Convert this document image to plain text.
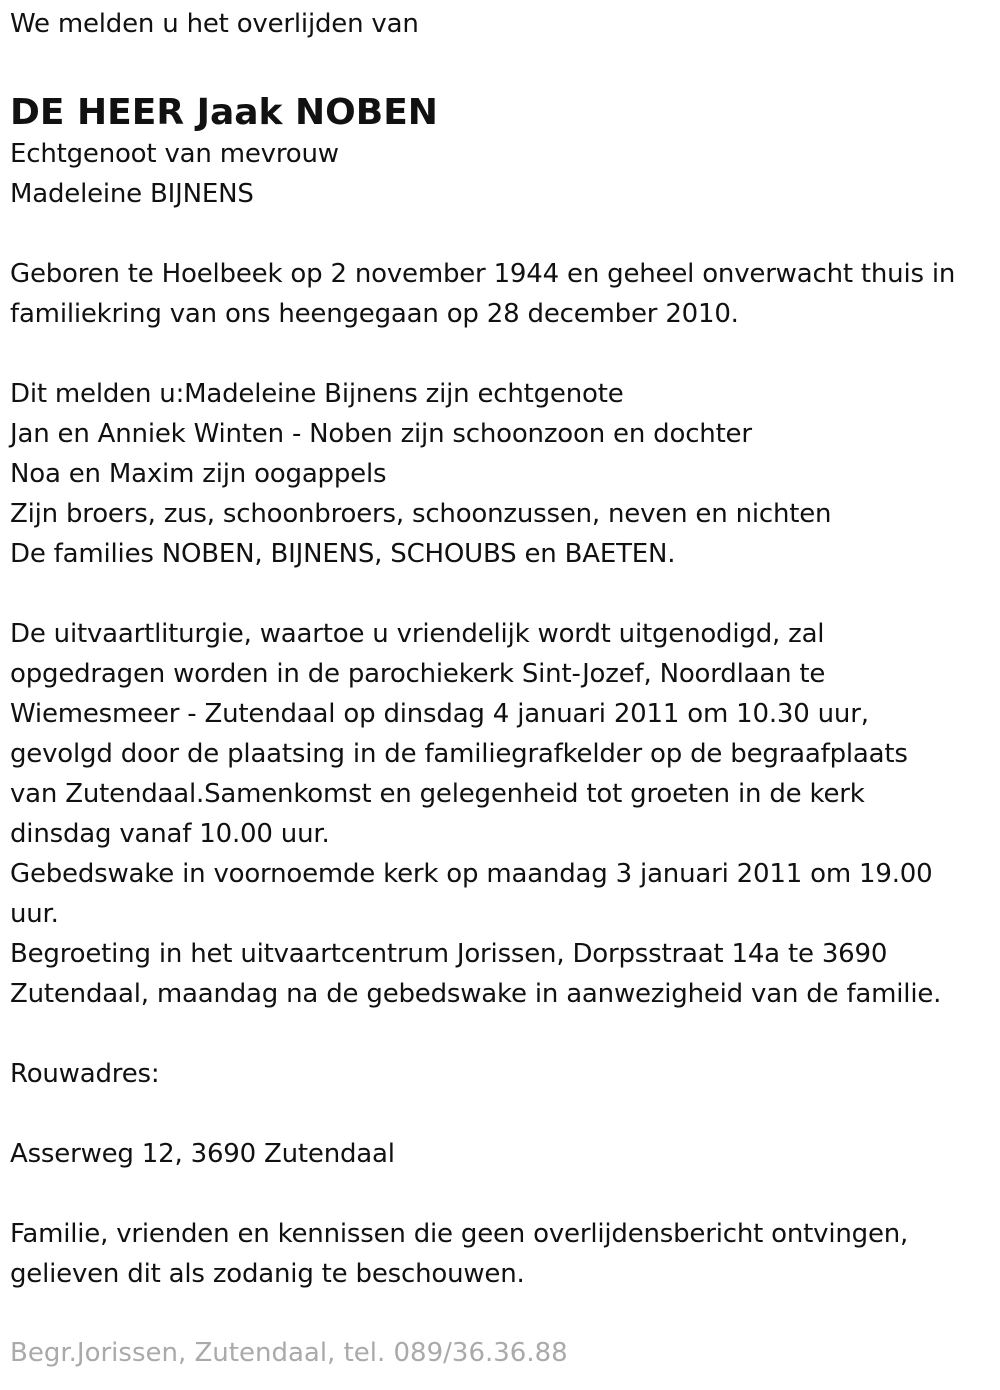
We melden u het overlijden van
DE HEER Jaak NOBEN
Echtgenoot van mevrouw
Madeleine BIJNENS
Geboren te Hoelbeek op 2 november 1944 en geheel onverwacht thuis in
familiekring van ons heengegaan op 28 december 2010.
Dit melden u:Madeleine Bijnens zijn echtgenote
Jan en Anniek Winten - Noben zijn schoonzoon en dochter
Noa en Maxim zijn oogappels
Zijn broers, zus, schoonbroers, schoonzussen, neven en nichten
De families NOBEN, BIJNENS, SCHOUBS en BAETEN.
De uitvaartliturgie, waartoe u vriendelijk wordt uitgenodigd, zal
opgedragen worden in de parochiekerk Sint-Jozef, Noordlaan te
Wiemesmeer - Zutendaal op dinsdag 4 januari 2011 om 10.30 uur,
gevolgd door de plaatsing in de familiegrafkelder op de begraafplaats
van Zutendaal.Samenkomst en gelegenheid tot groeten in de kerk
dinsdag vanaf 10.00 uur.
Gebedswake in voornoemde kerk op maandag 3 januari 2011 om 19.00
uur.
Begroeting in het uitvaartcentrum Jorissen, Dorpsstraat 14a te 3690
Zutendaal, maandag na de gebedswake in aanwezigheid van de familie.
Rouwadres:
Asserweg 12, 3690 Zutendaal
Familie, vrienden en kennissen die geen overlijdensbericht ontvingen,
gelieven dit als zodanig te beschouwen.
Begr.Jorissen, Zutendaal, tel. 089/36.36.88
